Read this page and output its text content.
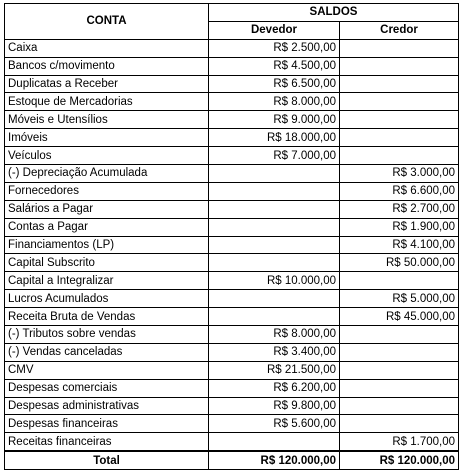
CONTA	SALDOS	
	Devedor	Credor
Caixa	R$ 2.500,00	
Bancos c/movimento	R$ 4.500,00	
Duplicatas a Receber	R$ 6.500,00	
Estoque de Mercadorias	R$ 8.000,00	
Móveis e Utensílios	R$ 9.000,00	
Imóveis	R$ 18.000,00	
Veículos	R$ 7.000,00	
(-) Depreciação Acumulada		R$ 3.000,00
Fornecedores		R$ 6.600,00
Salários a Pagar		R$ 2.700,00
Contas a Pagar		R$ 1.900,00
Financiamentos (LP)		R$ 4.100,00
Capital Subscrito		R$ 50.000,00
Capital a Integralizar	R$ 10.000,00	
Lucros Acumulados		R$ 5.000,00
Receita Bruta de Vendas		R$ 45.000,00
(-) Tributos sobre vendas	R$ 8.000,00	
(-) Vendas canceladas	R$ 3.400,00	
CMV	R$ 21.500,00	
Despesas comerciais	R$ 6.200,00	
Despesas administrativas	R$ 9.800,00	
Despesas financeiras	R$ 5.600,00	
Receitas financeiras		R$ 1.700,00
Total	R$ 120.000,00	R$ 120.000,00
